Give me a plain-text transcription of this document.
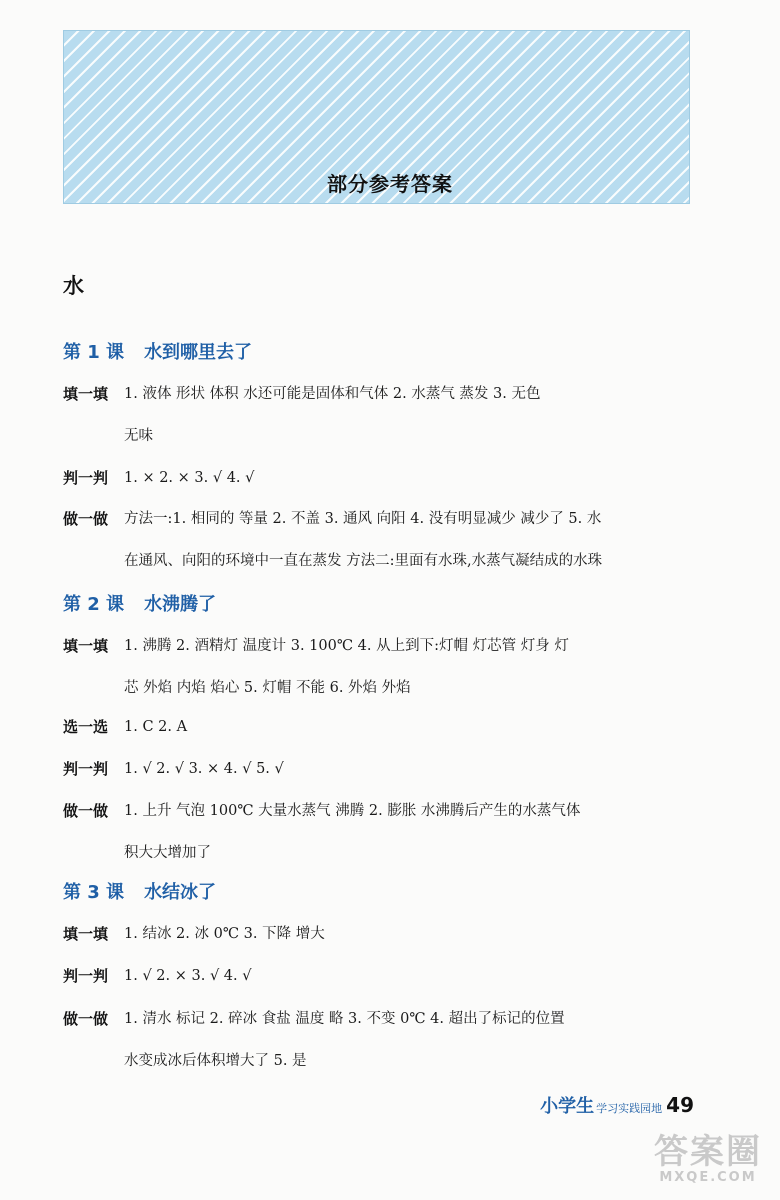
部分参考答案
水
第 1 课 水到哪里去了
填一填 1. 液体 形状 体积 水还可能是固体和气体 2. 水蒸气 蒸发 3. 无色
无味
判一判 1. × 2. × 3. √ 4. √
做一做 方法一:1. 相同的 等量 2. 不盖 3. 通风 向阳 4. 没有明显减少 减少了 5. 水
在通风、向阳的环境中一直在蒸发 方法二:里面有水珠,水蒸气凝结成的水珠
第 2 课 水沸腾了
填一填 1. 沸腾 2. 酒精灯 温度计 3. 100℃ 4. 从上到下:灯帽 灯芯管 灯身 灯
芯 外焰 内焰 焰心 5. 灯帽 不能 6. 外焰 外焰
选一选 1. C 2. A
判一判 1. √ 2. √ 3. × 4. √ 5. √
做一做 1. 上升 气泡 100℃ 大量水蒸气 沸腾 2. 膨胀 水沸腾后产生的水蒸气体
积大大增加了
第 3 课 水结冰了
填一填 1. 结冰 2. 冰 0℃ 3. 下降 增大
判一判 1. √ 2. × 3. √ 4. √
做一做 1. 清水 标记 2. 碎冰 食盐 温度 略 3. 不变 0℃ 4. 超出了标记的位置
水变成冰后体积增大了 5. 是
小学生 学习实践园地 49
答案圈
MXQE.COM
